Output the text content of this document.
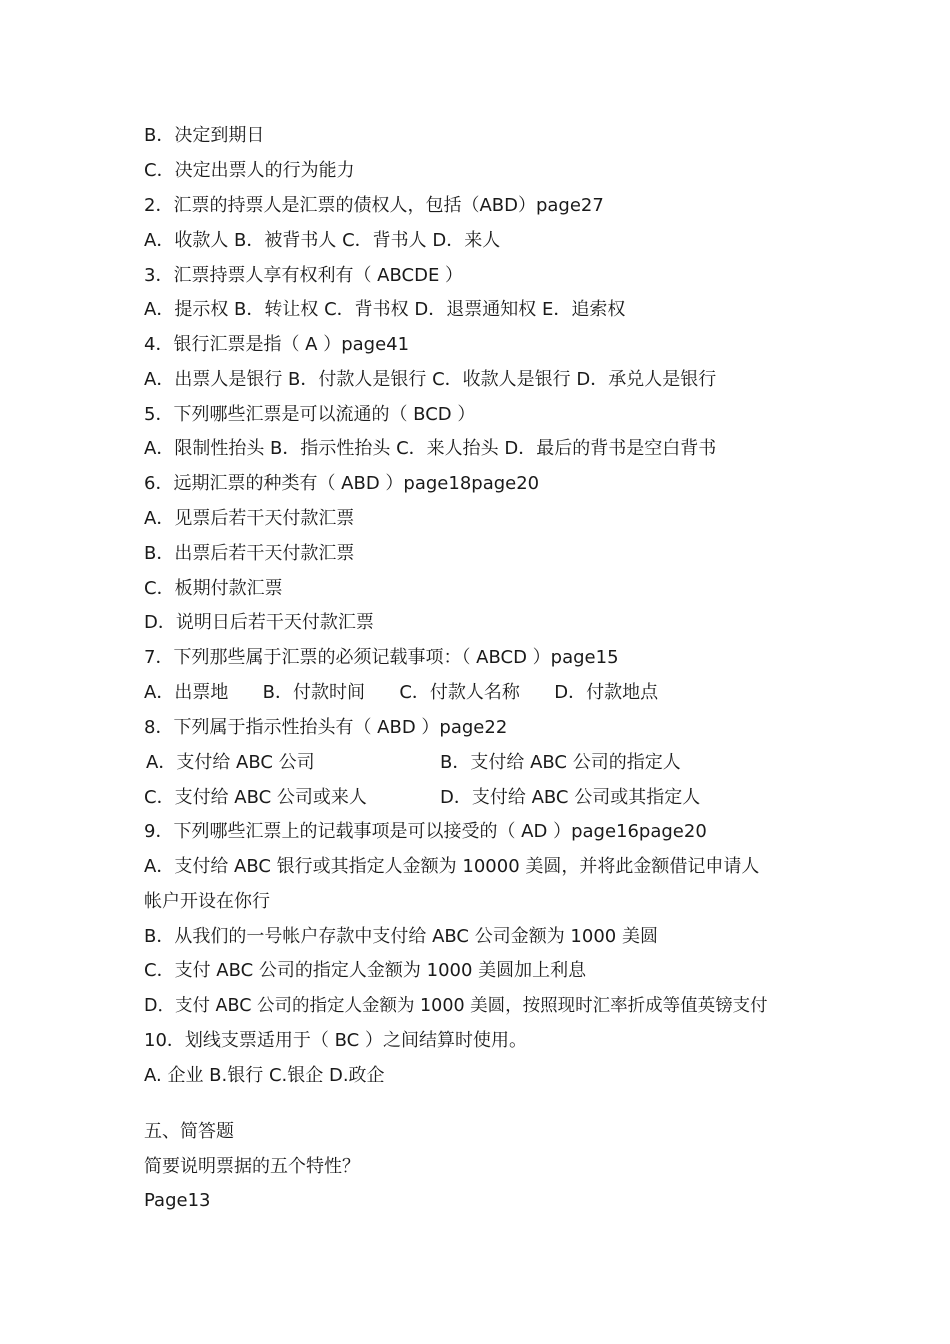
B．决定到期日
C．决定出票人的行为能力
2．汇票的持票人是汇票的债权人，包括（ABD）page27
A．收款人 B．被背书人 C．背书人 D．来人
3．汇票持票人享有权利有（ ABCDE ）
A．提示权 B．转让权 C．背书权 D．退票通知权 E．追索权
4．银行汇票是指（ A ）page41
A．出票人是银行 B．付款人是银行 C．收款人是银行 D．承兑人是银行
5．下列哪些汇票是可以流通的（ BCD ）
A．限制性抬头 B．指示性抬头 C．来人抬头 D．最后的背书是空白背书
6．远期汇票的种类有（ ABD ）page18page20
A．见票后若干天付款汇票
B．出票后若干天付款汇票
C．板期付款汇票
D．说明日后若干天付款汇票
7．下列那些属于汇票的必须记载事项：（ ABCD ）page15
A．出票地      B．付款时间      C．付款人名称      D．付款地点
8．下列属于指示性抬头有（ ABD ）page22
A．支付给 ABC 公司	B．支付给 ABC 公司的指定人
C．支付给 ABC 公司或来人	D．支付给 ABC 公司或其指定人
9．下列哪些汇票上的记载事项是可以接受的（ AD ）page16page20
A．支付给 ABC 银行或其指定人金额为 10000 美圆，并将此金额借记申请人
帐户开设在你行
B．从我们的一号帐户存款中支付给 ABC 公司金额为 1000 美圆
C．支付 ABC 公司的指定人金额为 1000 美圆加上利息
D．支付 ABC 公司的指定人金额为 1000 美圆，按照现时汇率折成等值英镑支付
10．划线支票适用于（ BC ）之间结算时使用。
A. 企业 B.银行 C.银企 D.政企
五、简答题
简要说明票据的五个特性？
Page13
